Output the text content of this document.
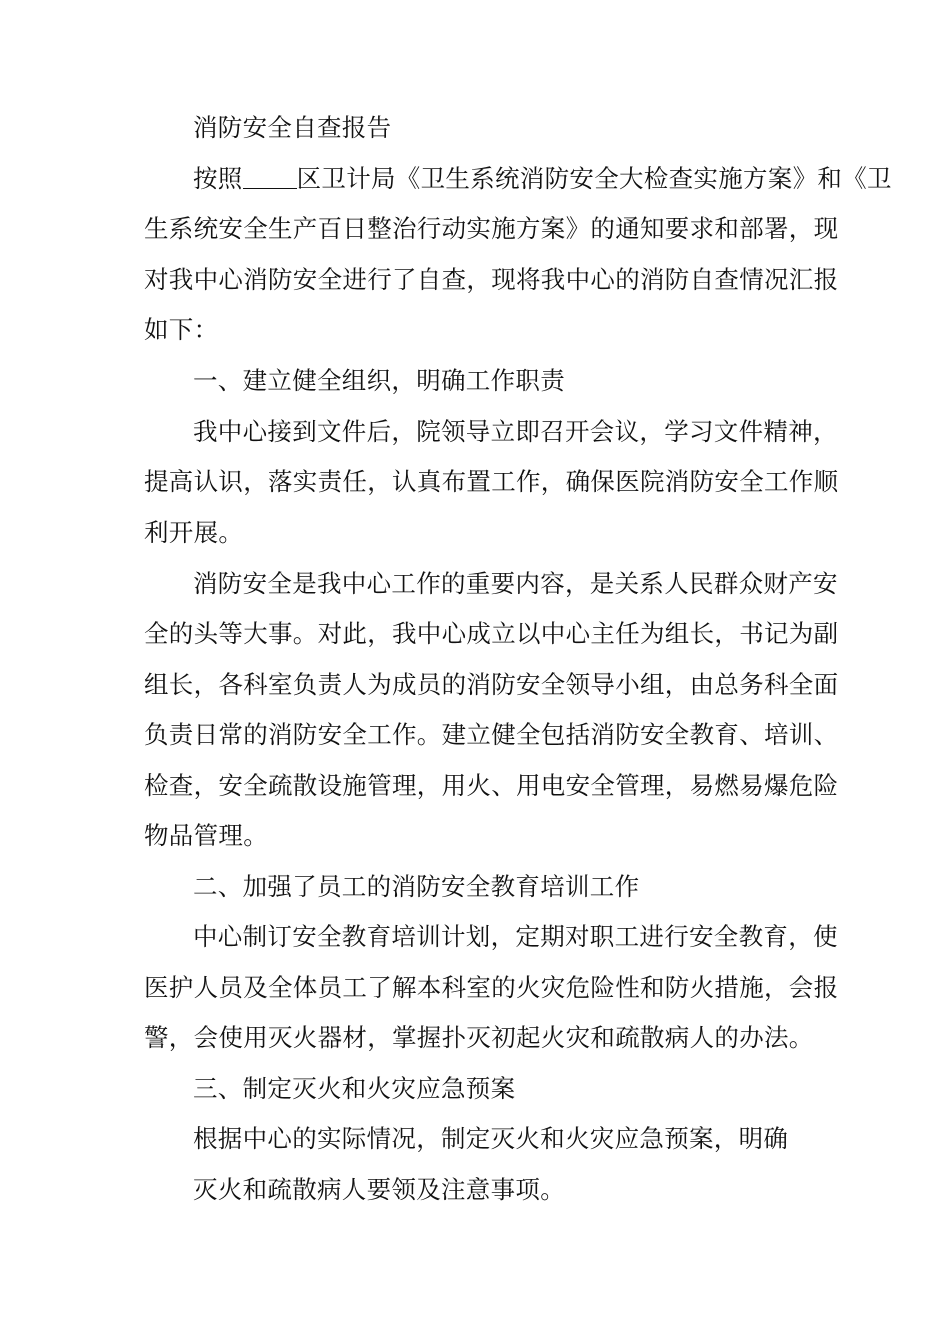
消防安全自查报告
按照 区卫计局《卫生系统消防安全大检查实施方案》和《卫
生系统安全生产百日整治行动实施方案》的通知要求和部署，现
对我中心消防安全进行了自查，现将我中心的消防自查情况汇报
如下：
一、建立健全组织，明确工作职责
我中心接到文件后，院领导立即召开会议，学习文件精神，
提高认识，落实责任，认真布置工作，确保医院消防安全工作顺
利开展。
消防安全是我中心工作的重要内容，是关系人民群众财产安
全的头等大事。对此，我中心成立以中心主任为组长，书记为副
组长，各科室负责人为成员的消防安全领导小组，由总务科全面
负责日常的消防安全工作。建立健全包括消防安全教育、培训、
检查，安全疏散设施管理，用火、用电安全管理，易燃易爆危险
物品管理。
二、加强了员工的消防安全教育培训工作
中心制订安全教育培训计划，定期对职工进行安全教育，使
医护人员及全体员工了解本科室的火灾危险性和防火措施，会报
警，会使用灭火器材，掌握扑灭初起火灾和疏散病人的办法。
三、制定灭火和火灾应急预案
根据中心的实际情况，制定灭火和火灾应急预案，明确
灭火和疏散病人要领及注意事项。
